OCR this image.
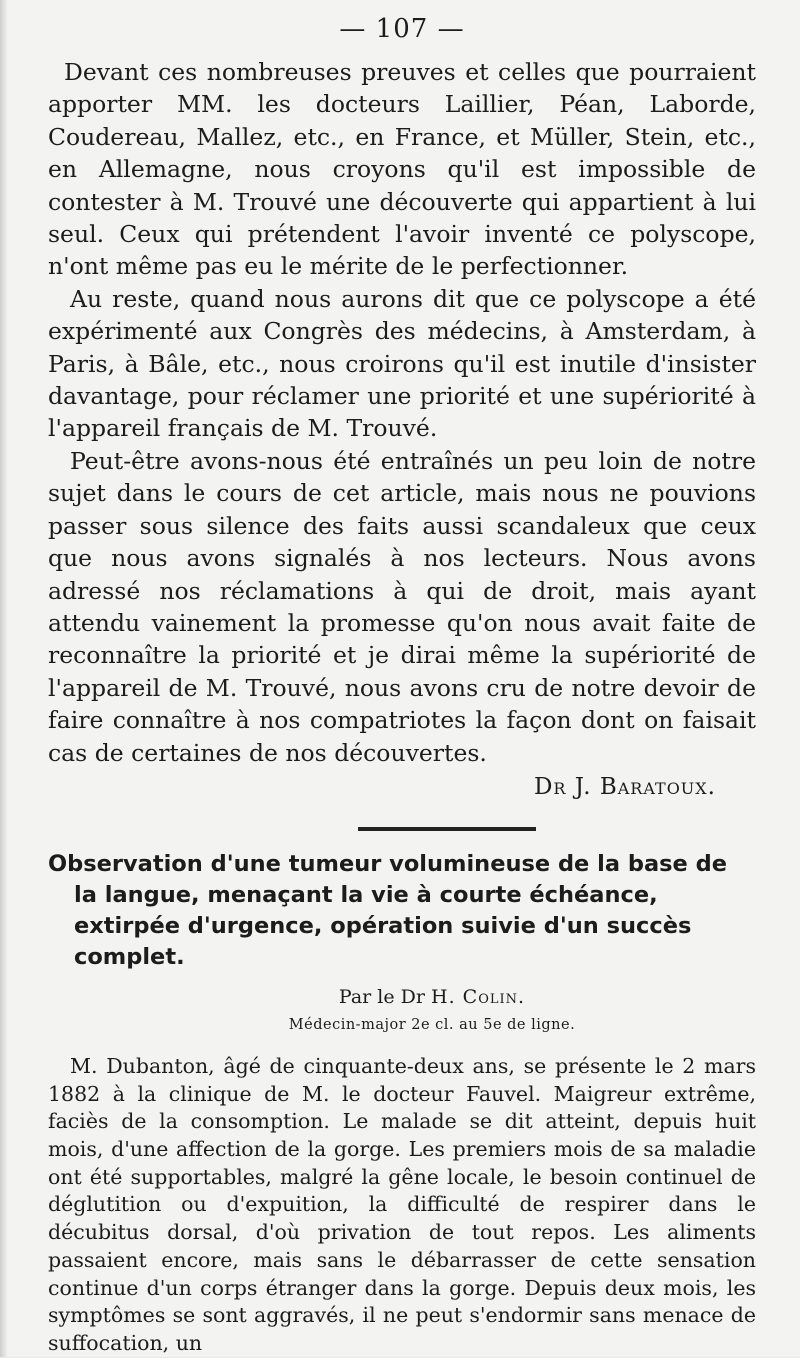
— 107 —

Devant ces nombreuses preuves et celles que pourraient apporter MM. les docteurs Laillier, Péan, Laborde, Coudereau, Mallez, etc., en France, et Müller, Stein, etc., en Allemagne, nous croyons qu'il est impossible de contester à M. Trouvé une découverte qui appartient à lui seul. Ceux qui prétendent l'avoir inventé ce polyscope, n'ont même pas eu le mérite de le perfectionner.

Au reste, quand nous aurons dit que ce polyscope a été expérimenté aux Congrès des médecins, à Amsterdam, à Paris, à Bâle, etc., nous croirons qu'il est inutile d'insister davantage, pour réclamer une priorité et une supériorité à l'appareil français de M. Trouvé.

Peut-être avons-nous été entraînés un peu loin de notre sujet dans le cours de cet article, mais nous ne pouvions passer sous silence des faits aussi scandaleux que ceux que nous avons signalés à nos lecteurs. Nous avons adressé nos réclamations à qui de droit, mais ayant attendu vainement la promesse qu'on nous avait faite de reconnaître la priorité et je dirai même la supériorité de l'appareil de M. Trouvé, nous avons cru de notre devoir de faire connaître à nos compatriotes la façon dont on faisait cas de certaines de nos découvertes.

Dr J. Baratoux.
Observation d'une tumeur volumineuse de la base de la langue, menaçant la vie à courte échéance, extirpée d'urgence, opération suivie d'un succès complet.
Par le Dr H. Colin.
Médecin-major 2e cl. au 5e de ligne.

M. Dubanton, âgé de cinquante-deux ans, se présente le 2 mars 1882 à la clinique de M. le docteur Fauvel. Maigreur extrême, faciès de la consomption. Le malade se dit atteint, depuis huit mois, d'une affection de la gorge. Les premiers mois de sa maladie ont été supportables, malgré la gêne locale, le besoin continuel de déglutition ou d'expuition, la difficulté de respirer dans le décubitus dorsal, d'où privation de tout repos. Les aliments passaient encore, mais sans le débarrasser de cette sensation continue d'un corps étranger dans la gorge. Depuis deux mois, les symptômes se sont aggravés, il ne peut s'endormir sans menace de suffocation, un
